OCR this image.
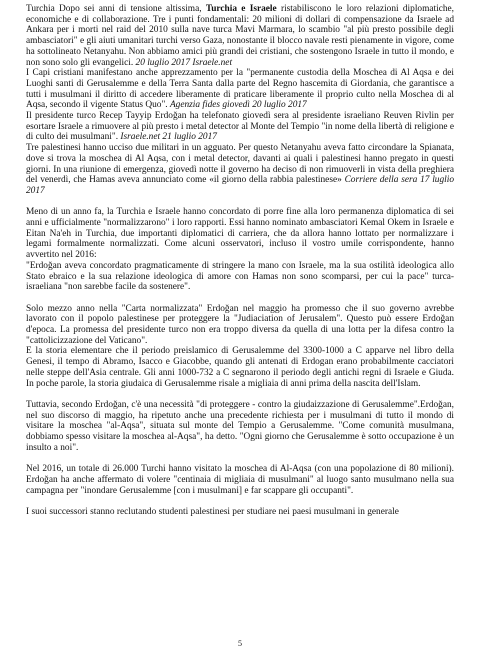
Turchia Dopo sei anni di tensione altissima, Turchia e Israele ristabiliscono le loro relazioni diplomatiche, economiche e di collaborazione. Tre i punti fondamentali: 20 milioni di dollari di compensazione da Israele ad Ankara per i morti nel raid del 2010 sulla nave turca Mavi Marmara, lo scambio "al più presto possibile degli ambasciatori" e gli aiuti umanitari turchi verso Gaza, nonostante il blocco navale resti pienamente in vigore, come ha sottolineato Netanyahu. Non abbiamo amici più grandi dei cristiani, che sostengono Israele in tutto il mondo, e non sono solo gli evangelici. 20 luglio 2017 Israele.net

I Capi cristiani manifestano anche apprezzamento per la "permanente custodia della Moschea di Al Aqsa e dei Luoghi santi di Gerusalemme e della Terra Santa dalla parte del Regno hascemita di Giordania, che garantisce a tutti i musulmani il diritto di accedere liberamente di praticare liberamente il proprio culto nella Moschea di al Aqsa, secondo il vigente Status Quo". Agenzia fides giovedì 20 luglio 2017

Il presidente turco Recep Tayyip Erdoğan ha telefonato giovedì sera al presidente israeliano Reuven Rivlin per esortare Israele a rimuovere al più presto i metal detector al Monte del Tempio "in nome della libertà di religione e di culto dei musulmani". Israele.net 21 luglio 2017

Tre palestinesi hanno ucciso due militari in un agguato. Per questo Netanyahu aveva fatto circondare la Spianata, dove si trova la moschea di Al Aqsa, con i metal detector, davanti ai quali i palestinesi hanno pregato in questi giorni. In una riunione di emergenza, giovedì notte il governo ha deciso di non rimuoverli in vista della preghiera del venerdì, che Hamas aveva annunciato come «il giorno della rabbia palestinese» Corriere della sera 17 luglio 2017

Meno di un anno fa, la Turchia e Israele hanno concordato di porre fine alla loro permanenza diplomatica di sei anni e ufficialmente "normalizzarono" i loro rapporti. Essi hanno nominato ambasciatori Kemal Okem in Israele e Eitan Na'eh in Turchia, due importanti diplomatici di carriera, che da allora hanno lottato per normalizzare i legami formalmente normalizzati. Come alcuni osservatori, incluso il vostro umile corrispondente, hanno avvertito nel 2016:
"Erdoğan aveva concordato pragmaticamente di stringere la mano con Israele, ma la sua ostilità ideologica allo Stato ebraico e la sua relazione ideologica di amore con Hamas non sono scomparsi, per cui la pace" turca-israeliana "non sarebbe facile da sostenere".

Solo mezzo anno nella "Carta normalizzata" Erdoğan nel maggio ha promesso che il suo governo avrebbe lavorato con il popolo palestinese per proteggere la "Judiaciation of Jerusalem". Questo può essere Erdoğan d'epoca. La promessa del presidente turco non era troppo diversa da quella di una lotta per la difesa contro la "cattolicizzazione del Vaticano".
E la storia elementare che il periodo preislamico di Gerusalemme del 3300-1000 a C apparve nel libro della Genesi, il tempo di Abramo, Isacco e Giacobbe, quando gli antenati di Erdogan erano probabilmente cacciatori nelle steppe dell'Asia centrale. Gli anni 1000-732 a C segnarono il periodo degli antichi regni di Israele e Giuda. In poche parole, la storia giudaica di Gerusalemme risale a migliaia di anni prima della nascita dell'Islam.

Tuttavia, secondo Erdoğan, c'è una necessità "di proteggere - contro la giudaizzazione di Gerusalemme".Erdoğan, nel suo discorso di maggio, ha ripetuto anche una precedente richiesta per i musulmani di tutto il mondo di visitare la moschea "al-Aqsa", situata sul monte del Tempio a Gerusalemme. "Come comunità musulmana, dobbiamo spesso visitare la moschea al-Aqsa", ha detto. "Ogni giorno che Gerusalemme è sotto occupazione è un insulto a noi".

Nel 2016, un totale di 26.000 Turchi hanno visitato la moschea di Al-Aqsa (con una popolazione di 80 milioni). Erdoğan ha anche affermato di volere "centinaia di migliaia di musulmani" al luogo santo musulmano nella sua campagna per "inondare Gerusalemme [con i musulmani] e far scappare gli occupanti".

I suoi successori stanno reclutando studenti palestinesi per studiare nei paesi musulmani in generale

5
